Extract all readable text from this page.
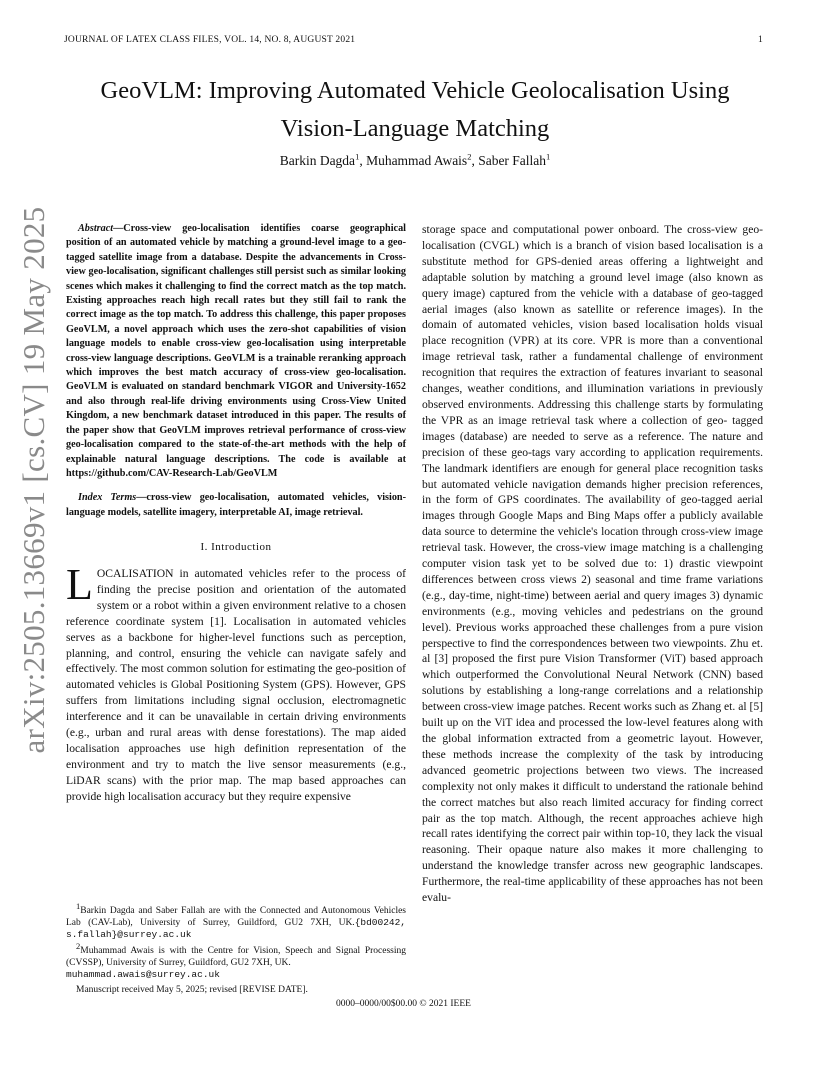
JOURNAL OF LATEX CLASS FILES, VOL. 14, NO. 8, AUGUST 2021	1
arXiv:2505.13669v1 [cs.CV] 19 May 2025
GeoVLM: Improving Automated Vehicle Geolocalisation Using Vision-Language Matching
Barkin Dagda$^1$, Muhammad Awais$^2$, Saber Fallah$^1$

Abstract—Cross-view geo-localisation identifies coarse geographical position of an automated vehicle by matching a ground-level image to a geo-tagged satellite image from a database. Despite the advancements in Cross-view geo-localisation, significant challenges still persist such as similar looking scenes which makes it challenging to find the correct match as the top match. Existing approaches reach high recall rates but they still fail to rank the correct image as the top match. To address this challenge, this paper proposes GeoVLM, a novel approach which uses the zero-shot capabilities of vision language models to enable cross-view geo-localisation using interpretable cross-view language descriptions. GeoVLM is a trainable reranking approach which improves the best match accuracy of cross-view geo-localisation. GeoVLM is evaluated on standard benchmark VIGOR and University-1652 and also through real-life driving environments using Cross-View United Kingdom, a new benchmark dataset introduced in this paper. The results of the paper show that GeoVLM improves retrieval performance of cross-view geo-localisation compared to the state-of-the-art methods with the help of explainable natural language descriptions. The code is available at https://github.com/CAV-Research-Lab/GeoVLM

Index Terms—cross-view geo-localisation, automated vehicles, vision-language models, satellite imagery, interpretable AI, image retrieval.

I. Introduction

LOCALISATION in automated vehicles refer to the process of finding the precise position and orientation of the automated system or a robot within a given environment relative to a chosen reference coordinate system [1]. Localisation in automated vehicles serves as a backbone for higher-level functions such as perception, planning, and control, ensuring the vehicle can navigate safely and effectively. The most common solution for estimating the geo-position of automated vehicles is Global Positioning System (GPS). However, GPS suffers from limitations including signal occlusion, electromagnetic interference and it can be unavailable in certain driving environments (e.g., urban and rural areas with dense forestations). The map aided localisation approaches use high definition representation of the environment and try to match the live sensor measurements (e.g., LiDAR scans) with the prior map. The map based approaches can provide high localisation accuracy but they require expensive

storage space and computational power onboard. The cross-view geo-localisation (CVGL) which is a branch of vision based localisation is a substitute method for GPS-denied areas offering a lightweight and adaptable solution by matching a ground level image (also known as query image) captured from the vehicle with a database of geo-tagged aerial images (also known as satellite or reference images). In the domain of automated vehicles, vision based localisation holds visual place recognition (VPR) at its core. VPR is more than a conventional image retrieval task, rather a fundamental challenge of environment recognition that requires the extraction of features invariant to seasonal changes, weather conditions, and illumination variations in previously observed environments. Addressing this challenge starts by formulating the VPR as an image retrieval task where a collection of geo- tagged images (database) are needed to serve as a reference. The nature and precision of these geo-tags vary according to application requirements. The landmark identifiers are enough for general place recognition tasks but automated vehicle navigation demands higher precision references, in the form of GPS coordinates. The availability of geo-tagged aerial images through Google Maps and Bing Maps offer a publicly available data source to determine the vehicle's location through cross-view image retrieval task. However, the cross-view image matching is a challenging computer vision task yet to be solved due to: 1) drastic viewpoint differences between cross views 2) seasonal and time frame variations (e.g., day-time, night-time) between aerial and query images 3) dynamic environments (e.g., moving vehicles and pedestrians on the ground level). Previous works approached these challenges from a pure vision perspective to find the correspondences between two viewpoints. Zhu et. al [3] proposed the first pure Vision Transformer (ViT) based approach which outperformed the Convolutional Neural Network (CNN) based solutions by establishing a long-range correlations and a relationship between cross-view image patches. Recent works such as Zhang et. al [5] built up on the ViT idea and processed the low-level features along with the global information extracted from a geometric layout. However, these methods increase the complexity of the task by introducing advanced geometric projections between two views. The increased complexity not only makes it difficult to understand the rationale behind the correct matches but also reach limited accuracy for finding correct pair as the top match. Although, the recent approaches achieve high recall rates identifying the correct pair within top-10, they lack the visual reasoning. Their opaque nature also makes it more challenging to understand the knowledge transfer across new geographic landscapes. Furthermore, the real-time applicability of these approaches has not been evalu-

$^1$Barkin Dagda and Saber Fallah are with the Connected and Autonomous Vehicles Lab (CAV-Lab), University of Surrey, Guildford, GU2 7XH, UK.{bd00242, s.fallah}@surrey.ac.uk

$^2$Muhammad Awais is with the Centre for Vision, Speech and Signal Processing (CVSSP), University of Surrey, Guildford, GU2 7XH, UK.
muhammad.awais@surrey.ac.uk

Manuscript received May 5, 2025; revised [REVISE DATE].

0000–0000/00$00.00 © 2021 IEEE
